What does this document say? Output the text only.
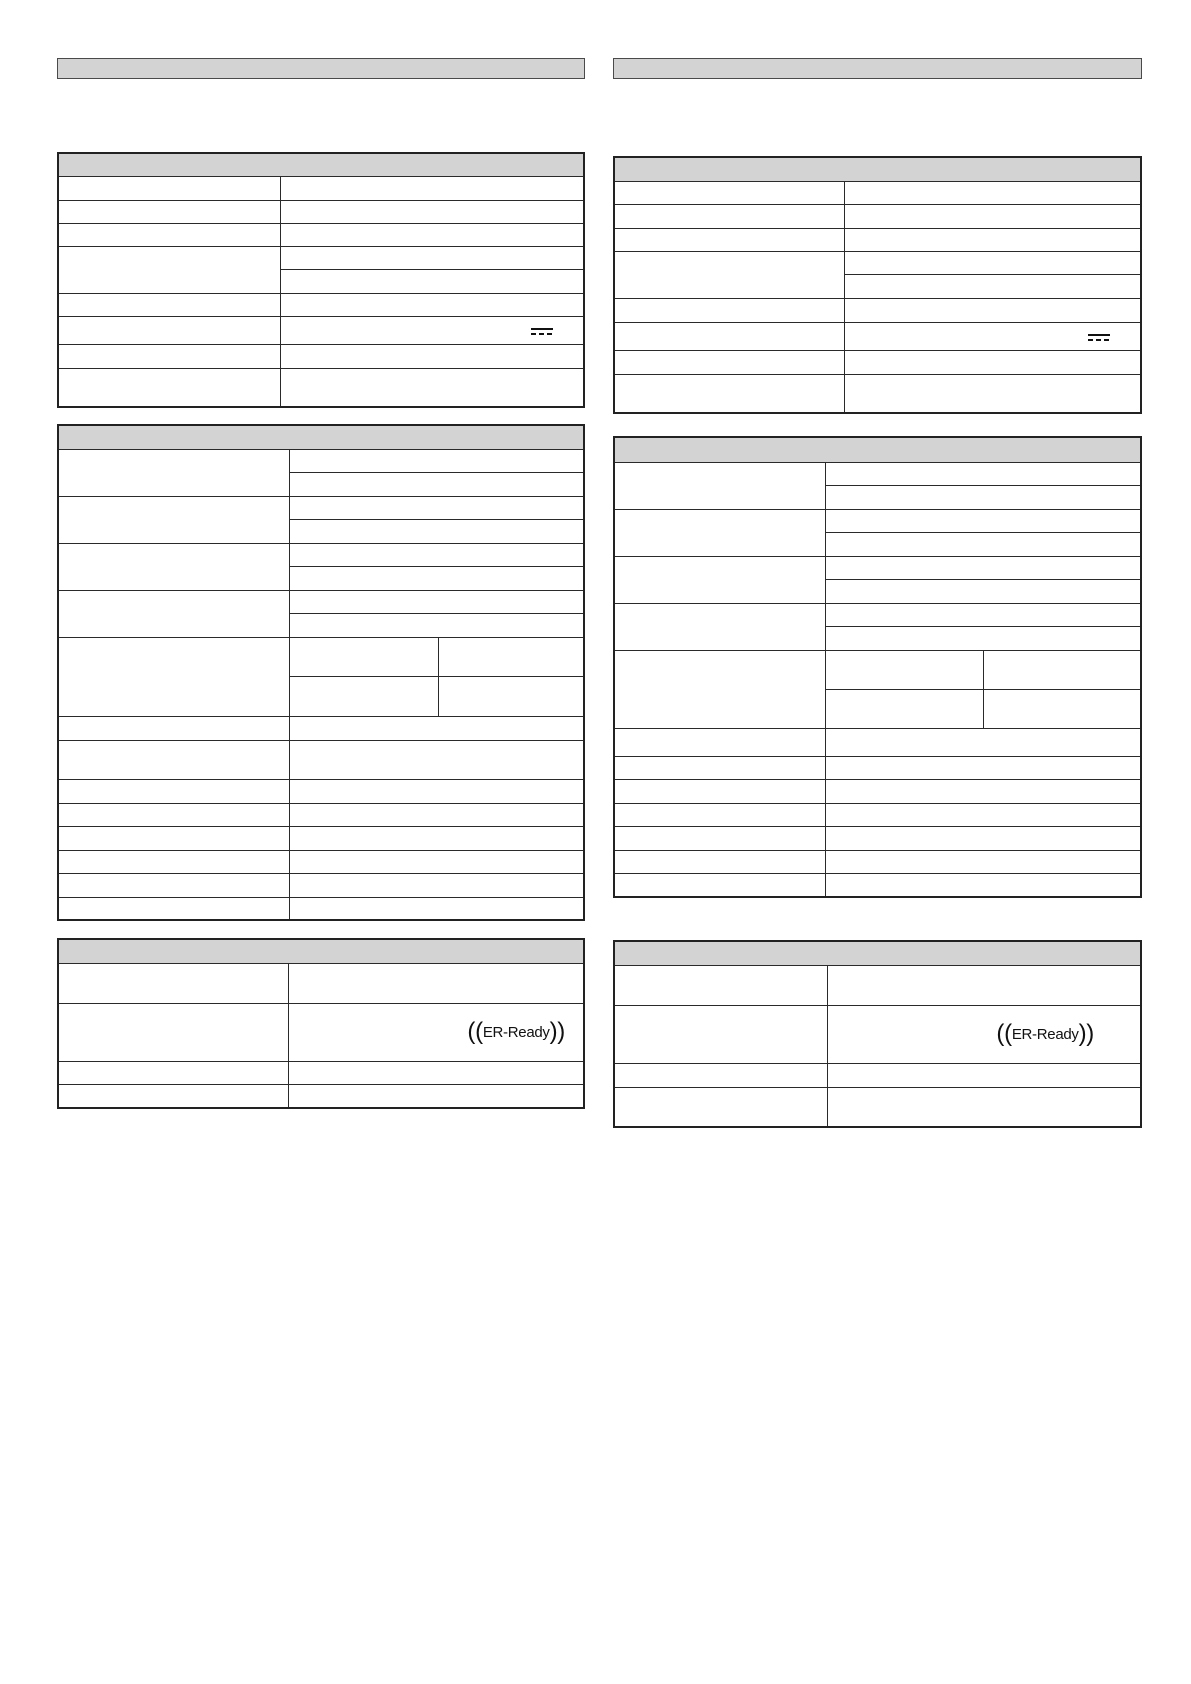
	((ER-Ready))

	((ER-Ready))
